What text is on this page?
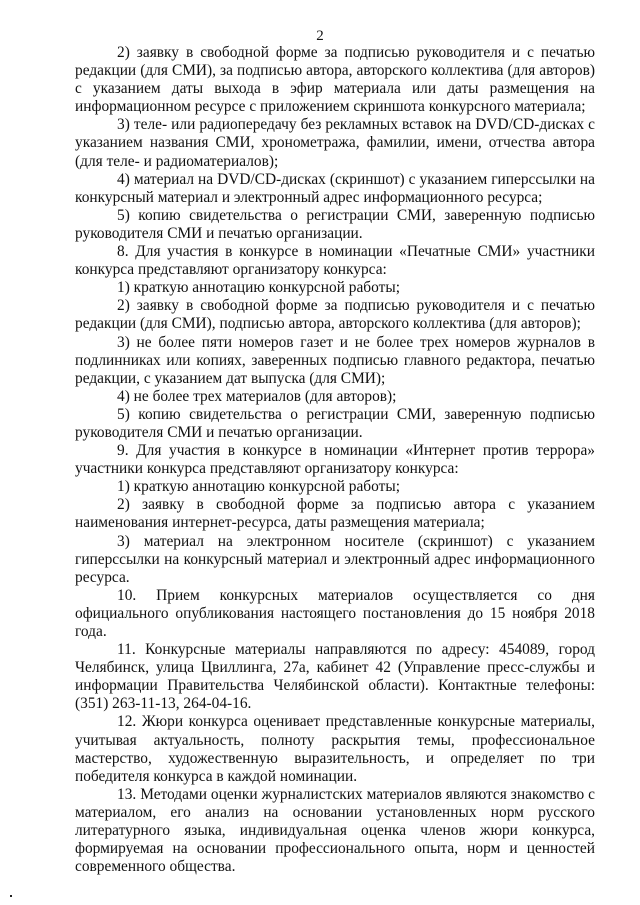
2

2) заявку в свободной форме за подписью руководителя и с печатью редакции (для СМИ), за подписью автора, авторского коллектива (для авторов) с указанием даты выхода в эфир материала или даты размещения на информационном ресурсе с приложением скриншота конкурсного материала;

3) теле- или радиопередачу без рекламных вставок на DVD/CD-дисках с указанием названия СМИ, хронометража, фамилии, имени, отчества автора (для теле- и радиоматериалов);

4) материал на DVD/CD-дисках (скриншот) с указанием гиперссылки на конкурсный материал и электронный адрес информационного ресурса;

5) копию свидетельства о регистрации СМИ, заверенную подписью руководителя СМИ и печатью организации.

8. Для участия в конкурсе в номинации «Печатные СМИ» участники конкурса представляют организатору конкурса:

1) краткую аннотацию конкурсной работы;

2) заявку в свободной форме за подписью руководителя и с печатью редакции (для СМИ), подписью автора, авторского коллектива (для авторов);

3) не более пяти номеров газет и не более трех номеров журналов в подлинниках или копиях, заверенных подписью главного редактора, печатью редакции, с указанием дат выпуска (для СМИ);

4) не более трех материалов (для авторов);

5) копию свидетельства о регистрации СМИ, заверенную подписью руководителя СМИ и печатью организации.

9. Для участия в конкурсе в номинации «Интернет против террора» участники конкурса представляют организатору конкурса:

1) краткую аннотацию конкурсной работы;

2) заявку в свободной форме за подписью автора с указанием наименования интернет-ресурса, даты размещения материала;

3) материал на электронном носителе (скриншот) с указанием гиперссылки на конкурсный материал и электронный адрес информационного ресурса.

10. Прием конкурсных материалов осуществляется со дня официального опубликования настоящего постановления до 15 ноября 2018 года.

11. Конкурсные материалы направляются по адресу: 454089, город Челябинск, улица Цвиллинга, 27а, кабинет 42 (Управление пресс-службы и информации Правительства Челябинской области). Контактные телефоны: (351) 263-11-13, 264-04-16.

12. Жюри конкурса оценивает представленные конкурсные материалы, учитывая актуальность, полноту раскрытия темы, профессиональное мастерство, художественную выразительность, и определяет по три победителя конкурса в каждой номинации.

13. Методами оценки журналистских материалов являются знакомство с материалом, его анализ на основании установленных норм русского литературного языка, индивидуальная оценка членов жюри конкурса, формируемая на основании профессионального опыта, норм и ценностей современного общества.
